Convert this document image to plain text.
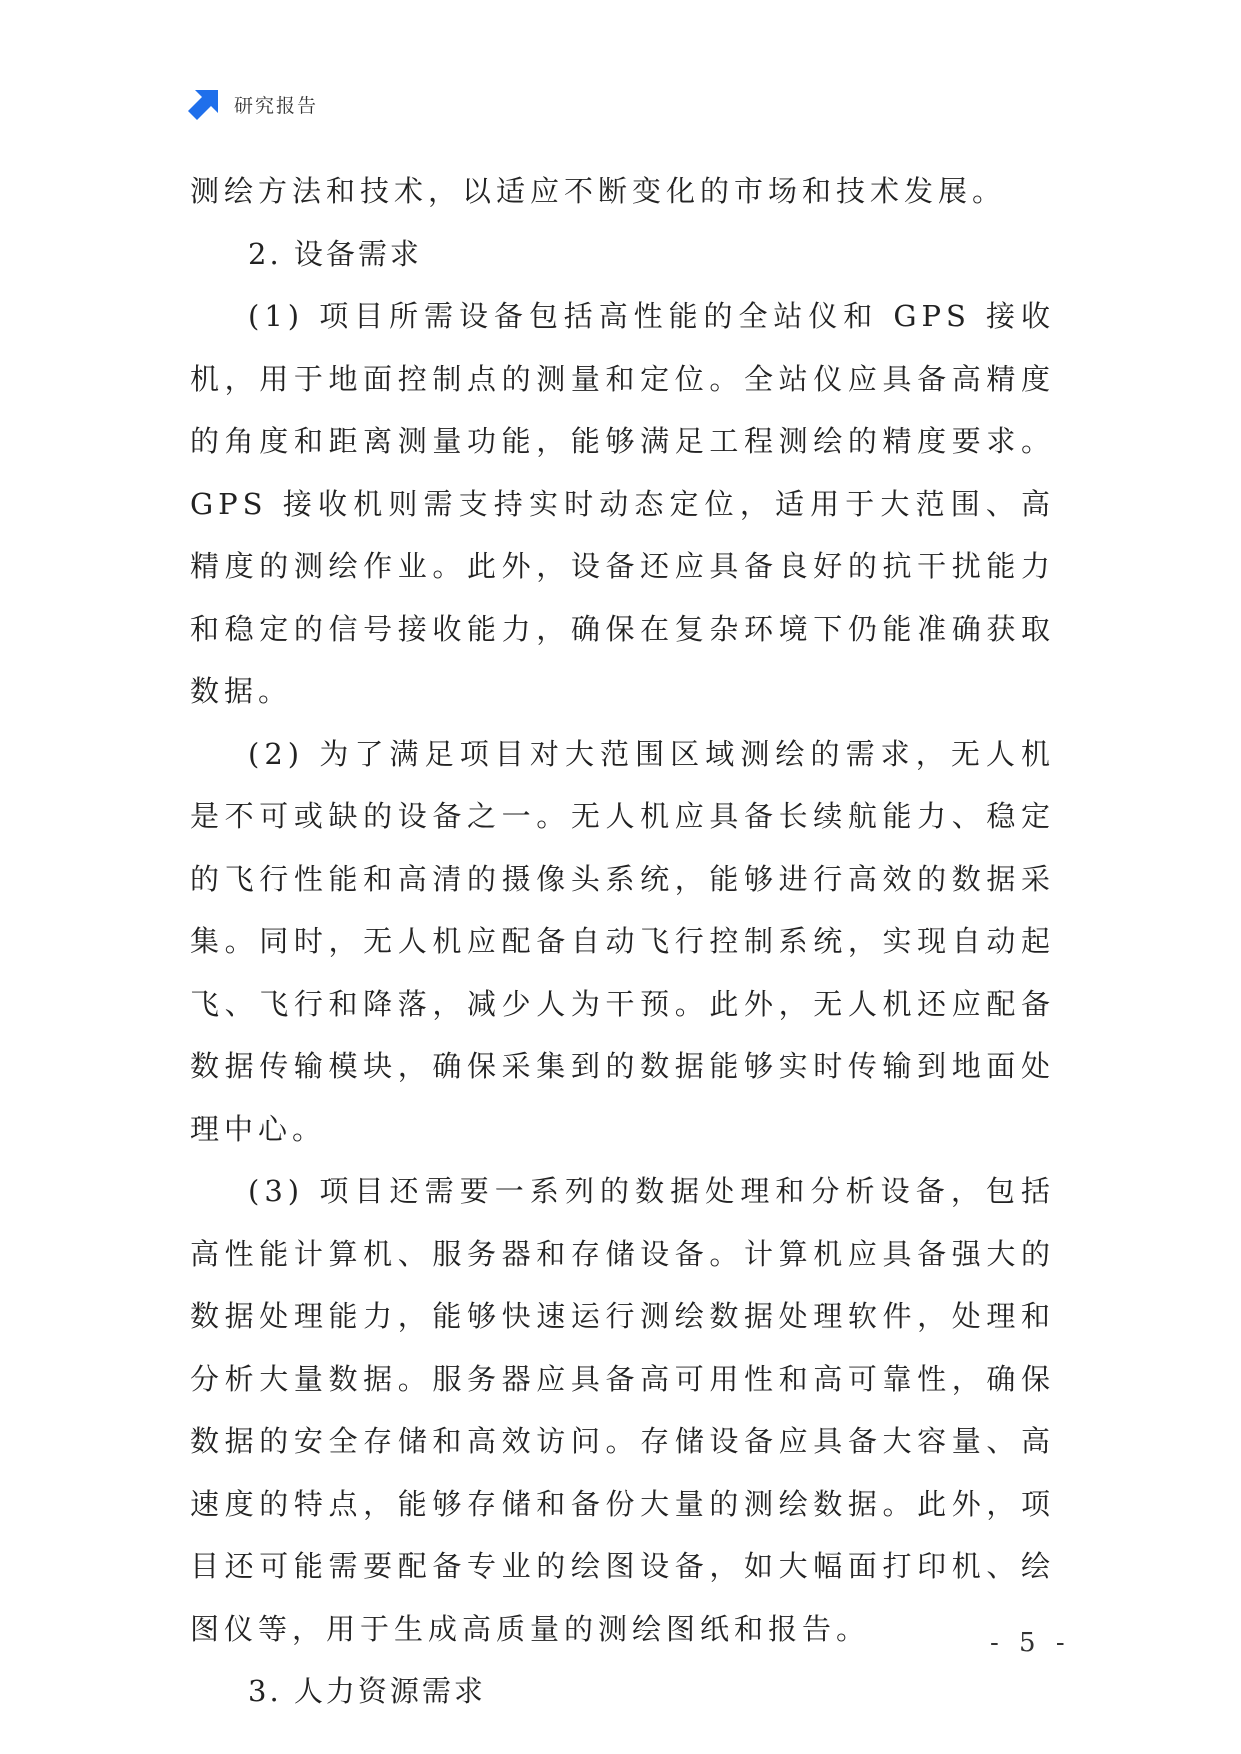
研究报告

测绘方法和技术，以适应不断变化的市场和技术发展。

2. 设备需求

(1) 项目所需设备包括高性能的全站仪和 GPS 接收机，用于地面控制点的测量和定位。全站仪应具备高精度的角度和距离测量功能，能够满足工程测绘的精度要求。GPS 接收机则需支持实时动态定位，适用于大范围、高精度的测绘作业。此外，设备还应具备良好的抗干扰能力和稳定的信号接收能力，确保在复杂环境下仍能准确获取数据。

(2) 为了满足项目对大范围区域测绘的需求，无人机是不可或缺的设备之一。无人机应具备长续航能力、稳定的飞行性能和高清的摄像头系统，能够进行高效的数据采集。同时，无人机应配备自动飞行控制系统，实现自动起飞、飞行和降落，减少人为干预。此外，无人机还应配备数据传输模块，确保采集到的数据能够实时传输到地面处理中心。

(3) 项目还需要一系列的数据处理和分析设备，包括高性能计算机、服务器和存储设备。计算机应具备强大的数据处理能力，能够快速运行测绘数据处理软件，处理和分析大量数据。服务器应具备高可用性和高可靠性，确保数据的安全存储和高效访问。存储设备应具备大容量、高速度的特点，能够存储和备份大量的测绘数据。此外，项目还可能需要配备专业的绘图设备，如大幅面打印机、绘图仪等，用于生成高质量的测绘图纸和报告。

3. 人力资源需求

- 5 -
